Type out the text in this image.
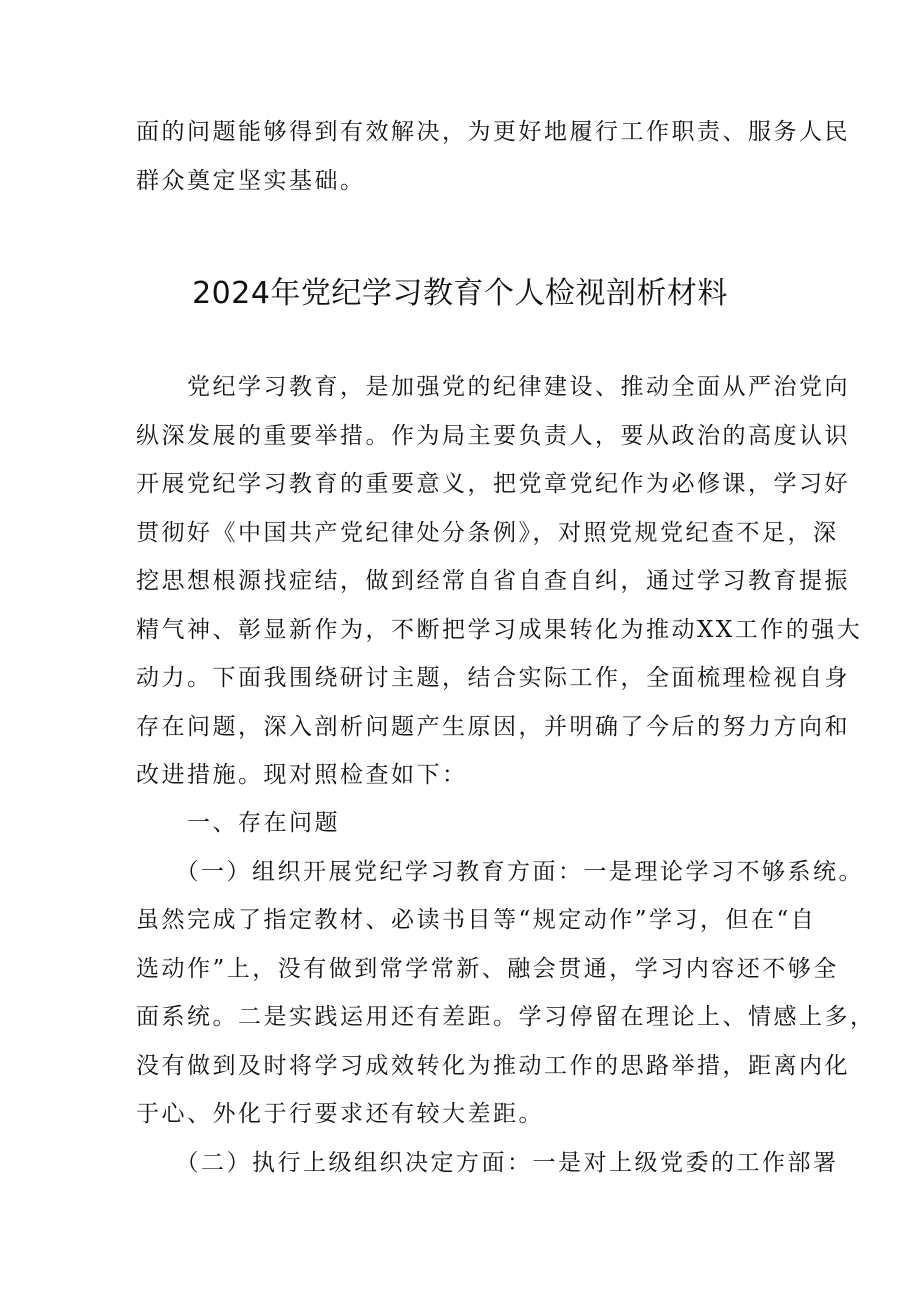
面的问题能够得到有效解决，为更好地履行工作职责、服务人民
群众奠定坚实基础。
2024年党纪学习教育个人检视剖析材料
　　党纪学习教育，是加强党的纪律建设、推动全面从严治党向
纵深发展的重要举措。作为局主要负责人，要从政治的高度认识
开展党纪学习教育的重要意义，把党章党纪作为必修课，学习好
贯彻好《中国共产党纪律处分条例》，对照党规党纪查不足，深
挖思想根源找症结，做到经常自省自查自纠，通过学习教育提振
精气神、彰显新作为，不断把学习成果转化为推动XX工作的强大
动力。下面我围绕研讨主题，结合实际工作，全面梳理检视自身
存在问题，深入剖析问题产生原因，并明确了今后的努力方向和
改进措施。现对照检查如下：
　　一、存在问题
　　（一）组织开展党纪学习教育方面：一是理论学习不够系统。
虽然完成了指定教材、必读书目等“规定动作”学习，但在“自
选动作”上，没有做到常学常新、融会贯通，学习内容还不够全
面系统。二是实践运用还有差距。学习停留在理论上、情感上多，
没有做到及时将学习成效转化为推动工作的思路举措，距离内化
于心、外化于行要求还有较大差距。
　　（二）执行上级组织决定方面：一是对上级党委的工作部署
